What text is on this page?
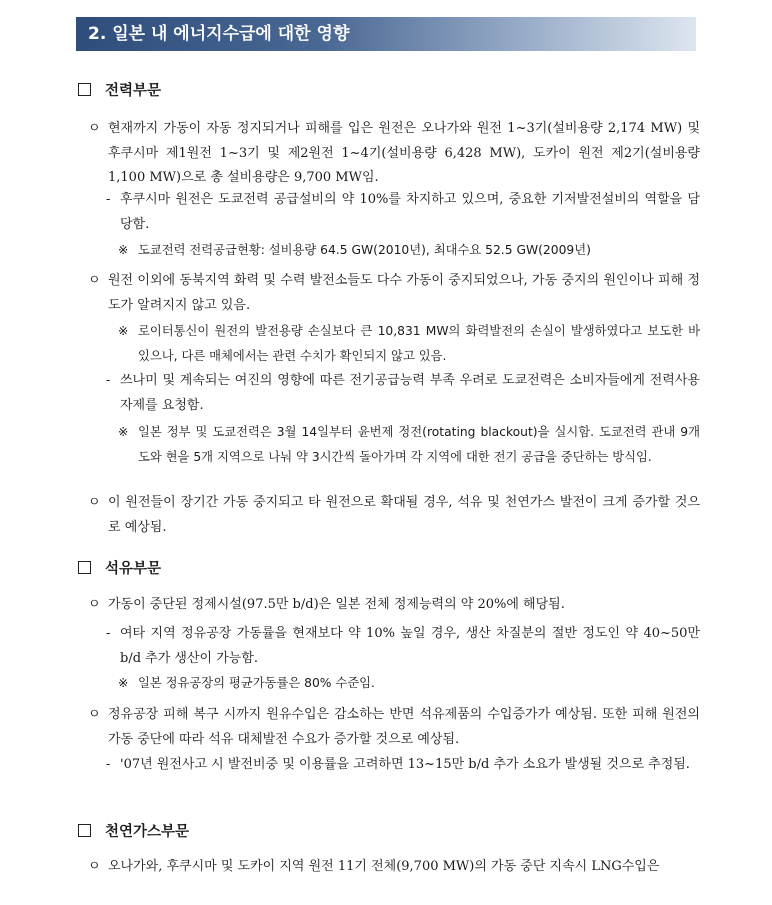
2. 일본 내 에너지수급에 대한 영향
전력부문
ㅇ 현재까지 가동이 자동 정지되거나 피해를 입은 원전은 오나가와 원전 1~3기(설비용량 2,174 MW) 및 후쿠시마 제1원전 1~3기 및 제2원전 1~4기(설비용량 6,428 MW), 도카이 원전 제2기(설비용량 1,100 MW)으로 총 설비용량은 9,700 MW임.
- 후쿠시마 원전은 도쿄전력 공급설비의 약 10%를 차지하고 있으며, 중요한 기저발전설비의 역할을 담당함.
※ 도쿄전력 전력공급현황: 설비용량 64.5 GW(2010년), 최대수요 52.5 GW(2009년)
ㅇ 원전 이외에 동북지역 화력 및 수력 발전소들도 다수 가동이 중지되었으나, 가동 중지의 원인이나 피해 정도가 알려지지 않고 있음.
※ 로이터통신이 원전의 발전용량 손실보다 큰 10,831 MW의 화력발전의 손실이 발생하였다고 보도한 바 있으나, 다른 매체에서는 관련 수치가 확인되지 않고 있음.
- 쓰나미 및 계속되는 여진의 영향에 따른 전기공급능력 부족 우려로 도쿄전력은 소비자들에게 전력사용 자제를 요청함.
※ 일본 정부 및 도쿄전력은 3월 14일부터 윤번제 정전(rotating blackout)을 실시함. 도쿄전력 관내 9개 도와 현을 5개 지역으로 나눠 약 3시간씩 돌아가며 각 지역에 대한 전기 공급을 중단하는 방식임.
ㅇ 이 원전들이 장기간 가동 중지되고 타 원전으로 확대될 경우, 석유 및 천연가스 발전이 크게 증가할 것으로 예상됨.
석유부문
ㅇ 가동이 중단된 정제시설(97.5만 b/d)은 일본 전체 정제능력의 약 20%에 해당됨.
- 여타 지역 정유공장 가동률을 현재보다 약 10% 높일 경우, 생산 차질분의 절반 정도인 약 40~50만 b/d 추가 생산이 가능함.
※ 일본 정유공장의 평균가동률은 80% 수준임.
ㅇ 정유공장 피해 복구 시까지 원유수입은 감소하는 반면 석유제품의 수입증가가 예상됨. 또한 피해 원전의 가동 중단에 따라 석유 대체발전 수요가 증가할 것으로 예상됨.
- '07년 원전사고 시 발전비중 및 이용률을 고려하면 13~15만 b/d 추가 소요가 발생될 것으로 추정됨.
천연가스부문
ㅇ 오나가와, 후쿠시마 및 도카이 지역 원전 11기 전체(9,700 MW)의 가동 중단 지속시 LNG수입은
